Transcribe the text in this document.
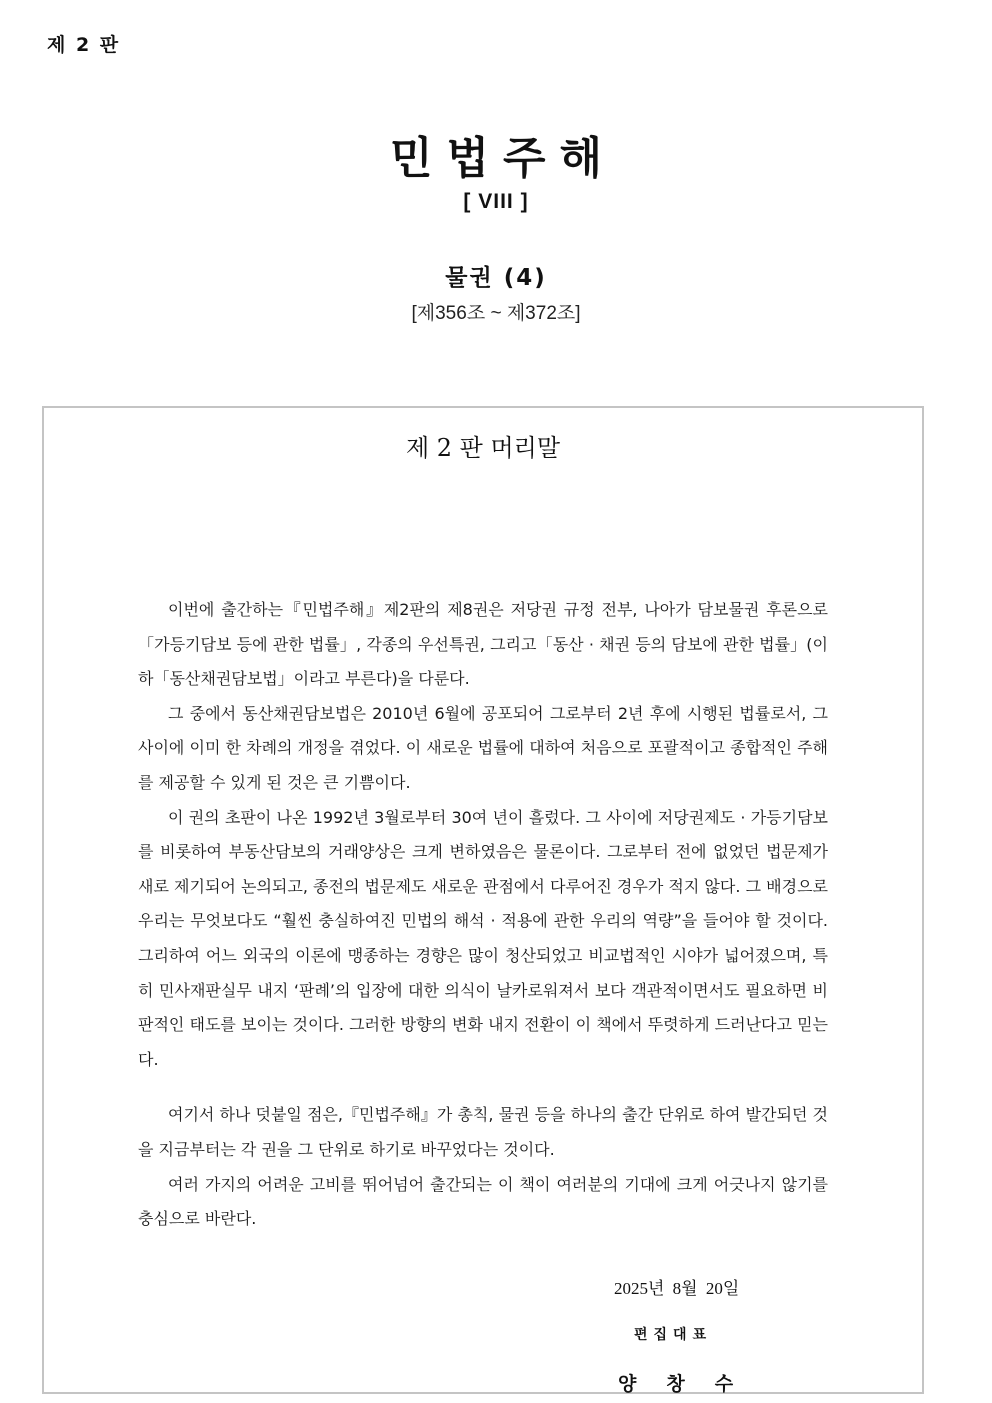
제 2 판
민법주해
[ VIII ]
물권 (4)
[제356조 ~ 제372조]
제 2 판 머리말

이번에 출간하는『민법주해』제2판의 제8권은 저당권 규정 전부, 나아가 담보물권 후론으로「가등기담보 등에 관한 법률」, 각종의 우선특권, 그리고「동산 · 채권 등의 담보에 관한 법률」(이하「동산채권담보법」이라고 부른다)을 다룬다.

그 중에서 동산채권담보법은 2010년 6월에 공포되어 그로부터 2년 후에 시행된 법률로서, 그 사이에 이미 한 차례의 개정을 겪었다. 이 새로운 법률에 대하여 처음으로 포괄적이고 종합적인 주해를 제공할 수 있게 된 것은 큰 기쁨이다.

이 권의 초판이 나온 1992년 3월로부터 30여 년이 흘렀다. 그 사이에 저당권제도 · 가등기담보를 비롯하여 부동산담보의 거래양상은 크게 변하였음은 물론이다. 그로부터 전에 없었던 법문제가 새로 제기되어 논의되고, 종전의 법문제도 새로운 관점에서 다루어진 경우가 적지 않다. 그 배경으로 우리는 무엇보다도 “훨씬 충실하여진 민법의 해석 · 적용에 관한 우리의 역량”을 들어야 할 것이다. 그리하여 어느 외국의 이론에 맹종하는 경향은 많이 청산되었고 비교법적인 시야가 넓어졌으며, 특히 민사재판실무 내지 ‘판례’의 입장에 대한 의식이 날카로워져서 보다 객관적이면서도 필요하면 비판적인 태도를 보이는 것이다. 그러한 방향의 변화 내지 전환이 이 책에서 뚜렷하게 드러난다고 믿는다.

여기서 하나 덧붙일 점은,『민법주해』가 총칙, 물권 등을 하나의 출간 단위로 하여 발간되던 것을 지금부터는 각 권을 그 단위로 하기로 바꾸었다는 것이다.

여러 가지의 어려운 고비를 뛰어넘어 출간되는 이 책이 여러분의 기대에 크게 어긋나지 않기를 충심으로 바란다.

2025년 8월 20일
편집대표
양창수
